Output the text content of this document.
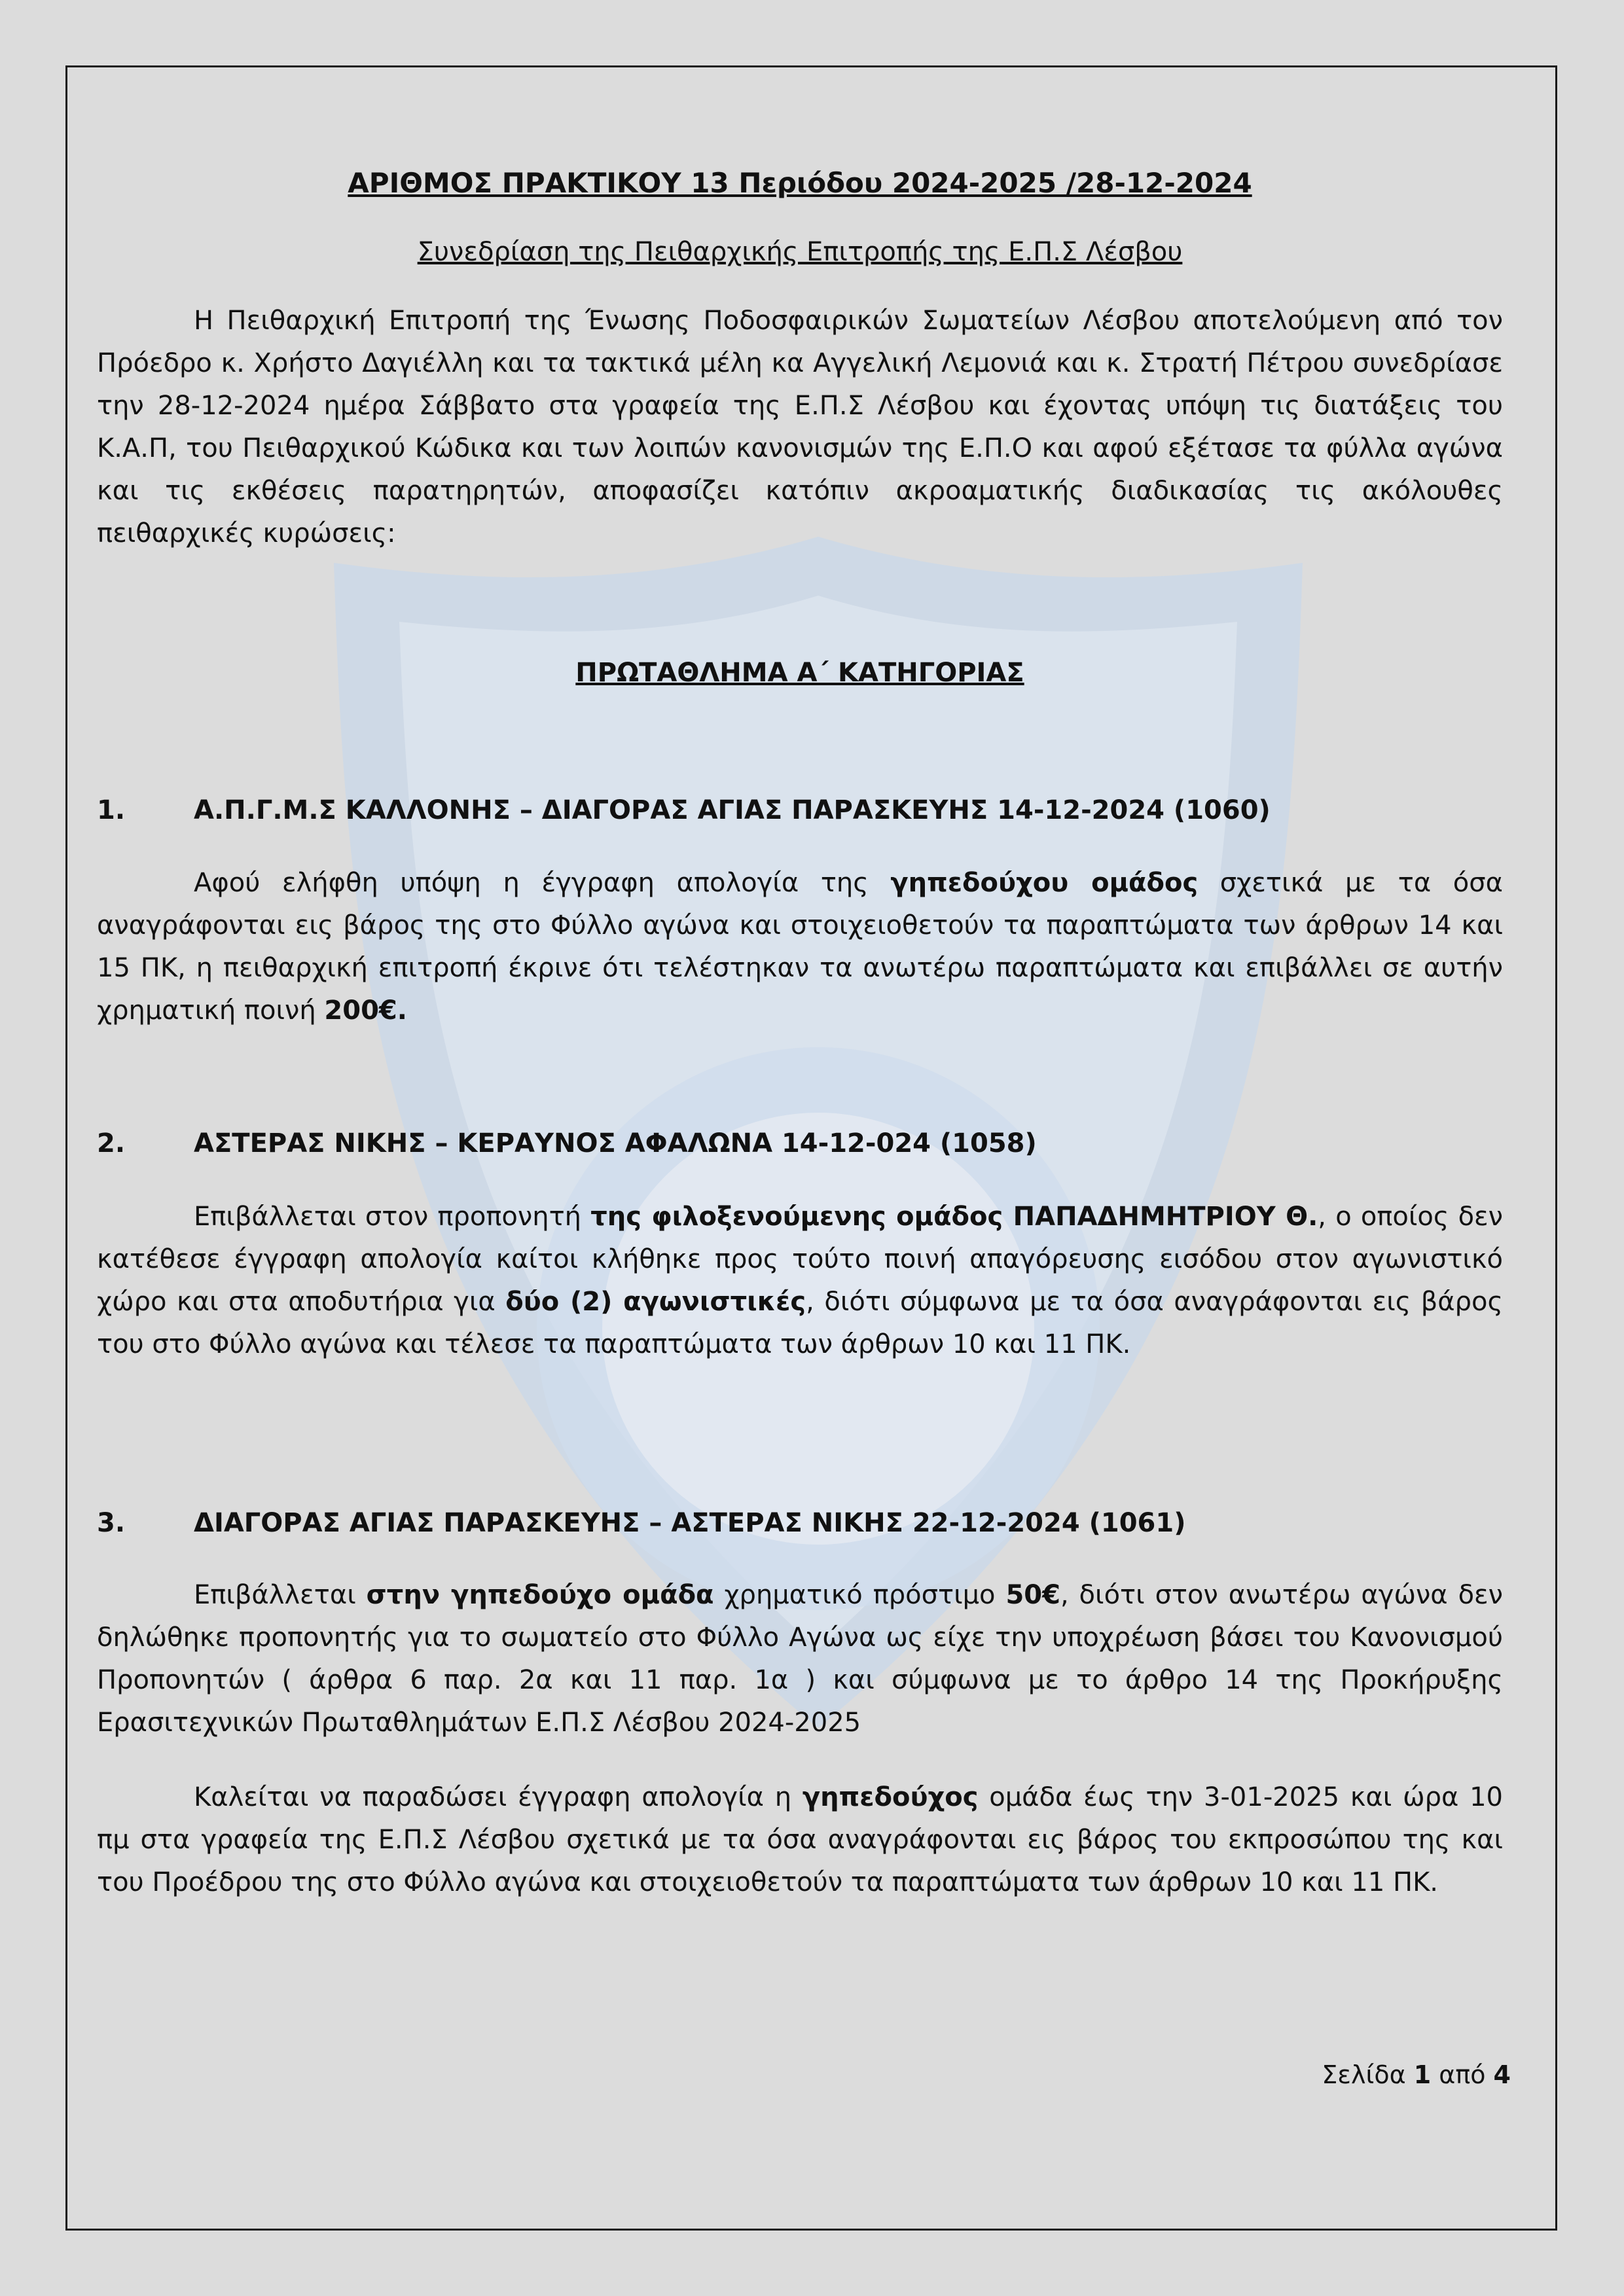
ΑΡΙΘΜΟΣ ΠΡΑΚΤΙΚΟΥ 13 Περιόδου 2024-2025 /28-12-2024
Συνεδρίαση της Πειθαρχικής Επιτροπής της Ε.Π.Σ Λέσβου

Η Πειθαρχική Επιτροπή της Ένωσης Ποδοσφαιρικών Σωματείων Λέσβου αποτελούμενη από τον Πρόεδρο κ. Χρήστο Δαγιέλλη και τα τακτικά μέλη κα Αγγελική Λεμονιά και κ. Στρατή Πέτρου συνεδρίασε την 28-12-2024 ημέρα Σάββατο στα γραφεία της Ε.Π.Σ Λέσβου και έχοντας υπόψη τις διατάξεις του Κ.Α.Π, του Πειθαρχικού Κώδικα και των λοιπών κανονισμών της Ε.Π.Ο και αφού εξέτασε τα φύλλα αγώνα και τις εκθέσεις παρατηρητών, αποφασίζει κατόπιν ακροαματικής διαδικασίας τις ακόλουθες πειθαρχικές κυρώσεις:

ΠΡΩΤΑΘΛΗΜΑ Α΄ ΚΑΤΗΓΟΡΙΑΣ
1.	Α.Π.Γ.Μ.Σ ΚΑΛΛΟΝΗΣ – ΔΙΑΓΟΡΑΣ ΑΓΙΑΣ ΠΑΡΑΣΚΕΥΗΣ 14-12-2024 (1060)

Αφού ελήφθη υπόψη η έγγραφη απολογία της γηπεδούχου ομάδος σχετικά με τα όσα αναγράφονται εις βάρος της στο Φύλλο αγώνα και στοιχειοθετούν τα παραπτώματα των άρθρων 14 και 15 ΠΚ, η πειθαρχική επιτροπή έκρινε ότι τελέστηκαν τα ανωτέρω παραπτώματα και επιβάλλει σε αυτήν χρηματική ποινή 200€.

2.	ΑΣΤΕΡΑΣ ΝΙΚΗΣ – ΚΕΡΑΥΝΟΣ ΑΦΑΛΩΝΑ 14-12-024 (1058)

Επιβάλλεται στον προπονητή της φιλοξενούμενης ομάδος ΠΑΠΑΔΗΜΗΤΡΙΟΥ Θ., ο οποίος δεν κατέθεσε έγγραφη απολογία καίτοι κλήθηκε προς τούτο ποινή απαγόρευσης εισόδου στον αγωνιστικό χώρο και στα αποδυτήρια για δύο (2) αγωνιστικές, διότι σύμφωνα με τα όσα αναγράφονται εις βάρος του στο Φύλλο αγώνα και τέλεσε τα παραπτώματα των άρθρων 10 και 11 ΠΚ.

3.	ΔΙΑΓΟΡΑΣ ΑΓΙΑΣ ΠΑΡΑΣΚΕΥΗΣ – ΑΣΤΕΡΑΣ ΝΙΚΗΣ 22-12-2024 (1061)

Επιβάλλεται στην γηπεδούχο ομάδα χρηματικό πρόστιμο 50€, διότι στον ανωτέρω αγώνα δεν δηλώθηκε προπονητής για το σωματείο στο Φύλλο Αγώνα ως είχε την υποχρέωση βάσει του Κανονισμού Προπονητών ( άρθρα 6 παρ. 2α και 11 παρ. 1α ) και σύμφωνα με το άρθρο 14 της Προκήρυξης Ερασιτεχνικών Πρωταθλημάτων Ε.Π.Σ Λέσβου 2024-2025

Καλείται να παραδώσει έγγραφη απολογία η γηπεδούχος ομάδα έως την 3-01-2025 και ώρα 10 πμ στα γραφεία της Ε.Π.Σ Λέσβου σχετικά με τα όσα αναγράφονται εις βάρος του εκπροσώπου της και του Προέδρου της στο Φύλλο αγώνα και στοιχειοθετούν τα παραπτώματα των άρθρων 10 και 11 ΠΚ.

Σελίδα 1 από 4
